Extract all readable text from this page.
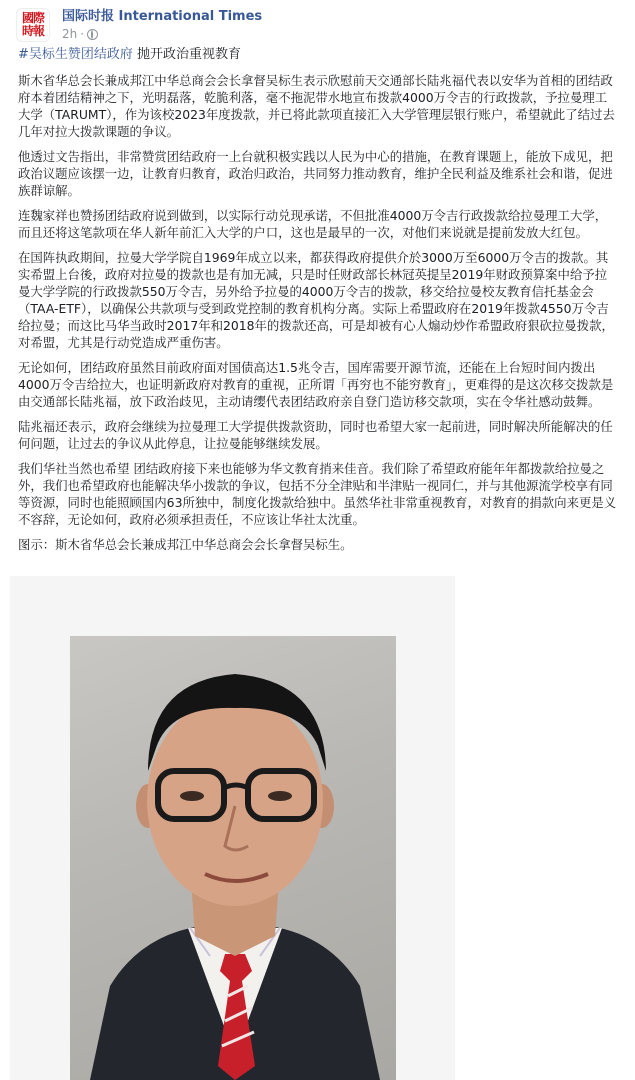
國際
時報
国际时报 International Times
2h ·
#吴标生赞团结政府 抛开政治重视教育

斯木省华总会长兼成邦江中华总商会会长拿督吴标生表示欣慰前天交通部长陆兆福代表以安华为首相的团结政府本着团结精神之下，光明磊落，乾脆利落，毫不拖泥带水地宣布拨款4000万令吉的行政拨款，予拉曼理工大学（TARUMT），作为该校2023年度拨款，并已将此款项直接汇入大学管理层银行账户，希望就此了结过去几年对拉大拨款课题的争议。

他透过文告指出，非常赞赏团结政府一上台就积极实践以人民为中心的措施，在教育课题上，能放下成见，把政治议题应该摆一边，让教育归教育，政治归政治，共同努力推动教育，维护全民利益及维系社会和谐，促进族群谅解。

连魏家祥也赞扬团结政府说到做到，以实际行动兑现承诺，不但批准4000万令吉行政拨款给拉曼理工大学，而且还将这笔款项在华人新年前汇入大学的户口，这也是最早的一次，对他们来说就是提前发放大红包。

在国阵执政期间，拉曼大学学院自1969年成立以来，都获得政府提供介於3000万至6000万令吉的拨款。其实希盟上台後，政府对拉曼的拨款也是有加无减，只是时任财政部长林冠英提呈2019年财政预算案中给予拉曼大学学院的行政拨款550万令吉，另外给予拉曼的4000万令吉的拨款，移交给拉曼校友教育信托基金会（TAA-ETF），以确保公共款项与受到政党控制的教育机构分离。实际上希盟政府在2019年拨款4550万令吉给拉曼；而这比马华当政时2017年和2018年的拨款还高，可是却被有心人煽动炒作希盟政府狠砍拉曼拨款，对希盟，尤其是行动党造成严重伤害。

无论如何，团结政府虽然目前政府面对国债高达1.5兆令吉，国库需要开源节流，还能在上台短时间内拨出4000万令吉给拉大，也证明新政府对教育的重视，正所谓「再穷也不能穷教育」，更难得的是这次移交拨款是由交通部长陆兆福，放下政治歧见，主动请缨代表团结政府亲自登门造访移交款项，实在令华社感动鼓舞。

陆兆福还表示，政府会继续为拉曼理工大学提供拨款资助，同时也希望大家一起前进，同时解决所能解决的任何问题，让过去的争议从此停息，让拉曼能够继续发展。

我们华社当然也希望 团结政府接下来也能够为华文教育捎来佳音。我们除了希望政府能年年都拨款给拉曼之外，我们也希望政府也能解决华小拨款的争议，包括不分全津贴和半津贴一视同仁，并与其他源流学校享有同等资源，同时也能照顾国内63所独中，制度化拨款给独中。虽然华社非常重视教育，对教育的捐款向来更是义不容辞，无论如何，政府必须承担责任，不应该让华社太沈重。

图示：斯木省华总会长兼成邦江中华总商会会长拿督吴标生。
